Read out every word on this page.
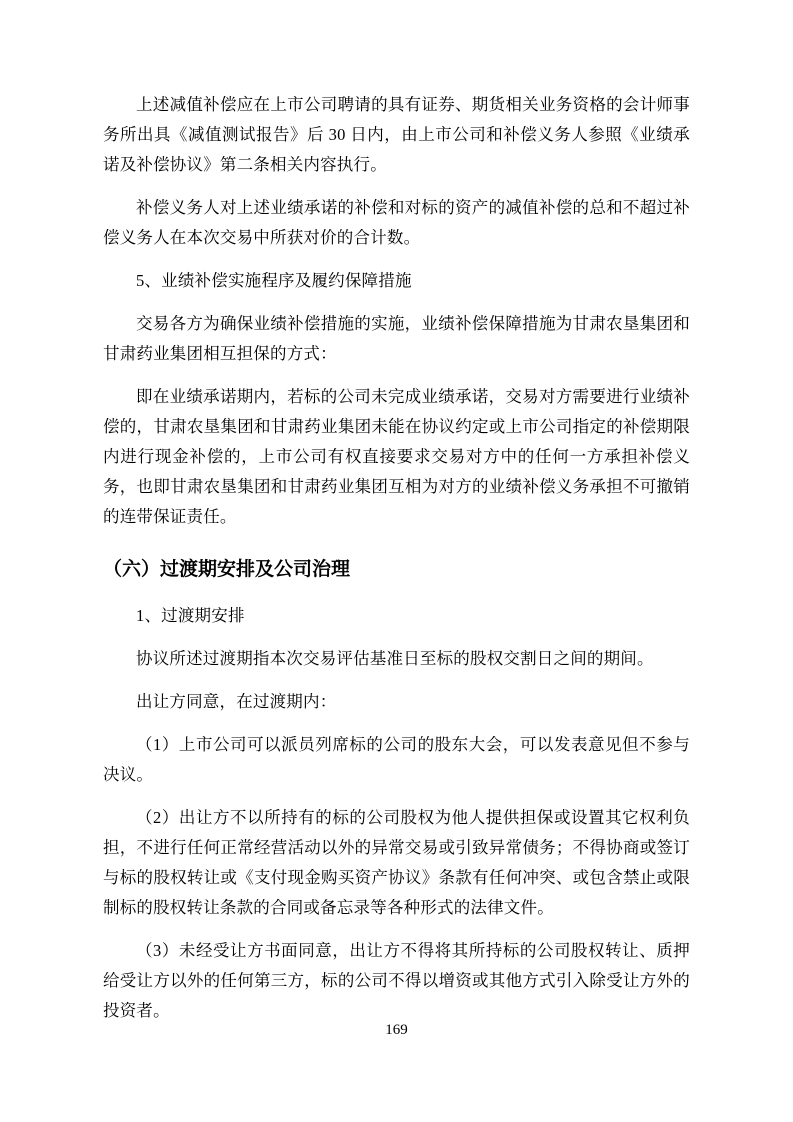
上述减值补偿应在上市公司聘请的具有证券、期货相关业务资格的会计师事务所出具《减值测试报告》后 30 日内，由上市公司和补偿义务人参照《业绩承诺及补偿协议》第二条相关内容执行。

补偿义务人对上述业绩承诺的补偿和对标的资产的减值补偿的总和不超过补偿义务人在本次交易中所获对价的合计数。

5、业绩补偿实施程序及履约保障措施

交易各方为确保业绩补偿措施的实施，业绩补偿保障措施为甘肃农垦集团和甘肃药业集团相互担保的方式：

即在业绩承诺期内，若标的公司未完成业绩承诺，交易对方需要进行业绩补偿的，甘肃农垦集团和甘肃药业集团未能在协议约定或上市公司指定的补偿期限内进行现金补偿的，上市公司有权直接要求交易对方中的任何一方承担补偿义务，也即甘肃农垦集团和甘肃药业集团互相为对方的业绩补偿义务承担不可撤销的连带保证责任。

（六）过渡期安排及公司治理

1、过渡期安排

协议所述过渡期指本次交易评估基准日至标的股权交割日之间的期间。

出让方同意，在过渡期内：

（1）上市公司可以派员列席标的公司的股东大会，可以发表意见但不参与决议。

（2）出让方不以所持有的标的公司股权为他人提供担保或设置其它权利负担，不进行任何正常经营活动以外的异常交易或引致异常债务；不得协商或签订与标的股权转让或《支付现金购买资产协议》条款有任何冲突、或包含禁止或限制标的股权转让条款的合同或备忘录等各种形式的法律文件。

（3）未经受让方书面同意，出让方不得将其所持标的公司股权转让、质押给受让方以外的任何第三方，标的公司不得以增资或其他方式引入除受让方外的投资者。

169
